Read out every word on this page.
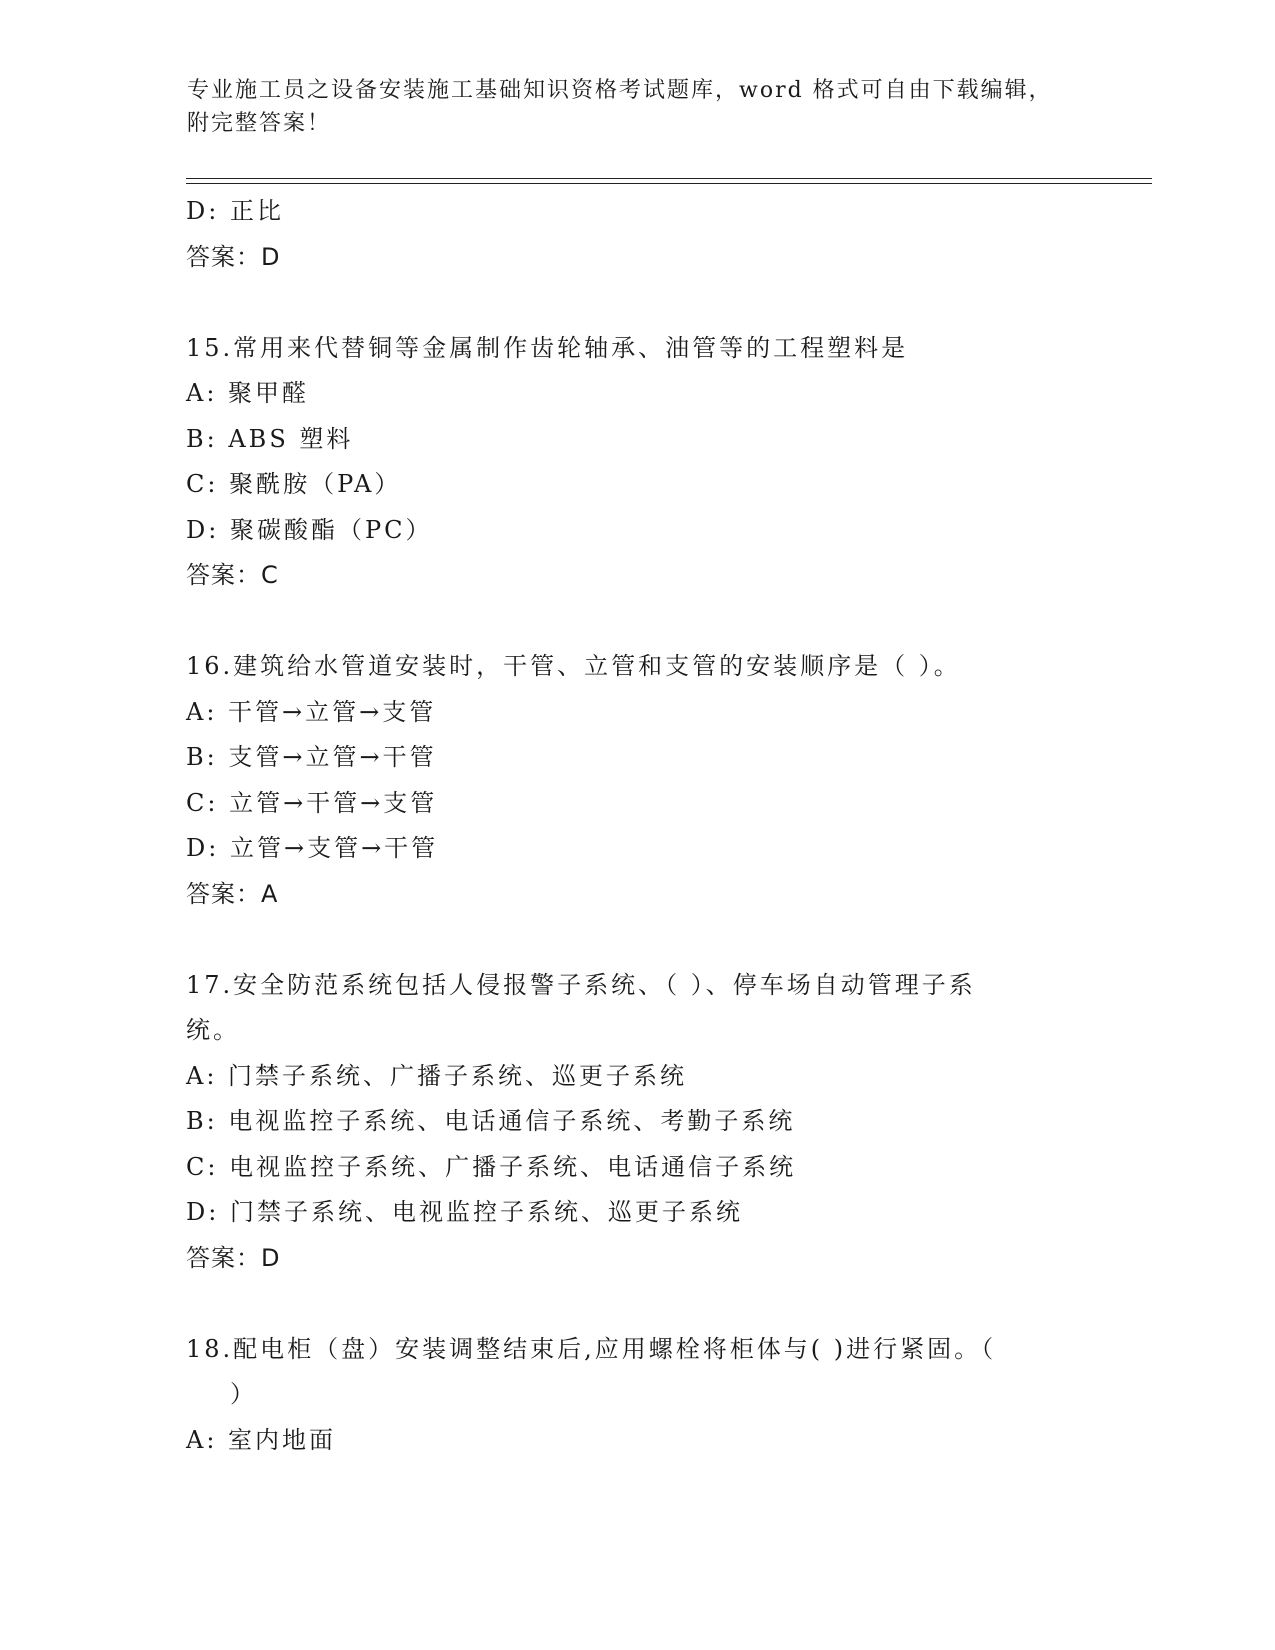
专业施工员之设备安装施工基础知识资格考试题库，word 格式可自由下载编辑，
附完整答案！
D: 正比
答案：D
15.常用来代替铜等金属制作齿轮轴承、油管等的工程塑料是
A: 聚甲醛
B: ABS 塑料
C: 聚酰胺（PA）
D: 聚碳酸酯（PC）
答案：C
16.建筑给水管道安装时，干管、立管和支管的安装顺序是（ ）。
A: 干管→立管→支管
B: 支管→立管→干管
C: 立管→干管→支管
D: 立管→支管→干管
答案：A
17.安全防范系统包括人侵报警子系统、（ ）、停车场自动管理子系
统。
A: 门禁子系统、广播子系统、巡更子系统
B: 电视监控子系统、电话通信子系统、考勤子系统
C: 电视监控子系统、广播子系统、电话通信子系统
D: 门禁子系统、电视监控子系统、巡更子系统
答案：D
18.配电柜（盘）安装调整结束后,应用螺栓将柜体与( )进行紧固。（
）
A: 室内地面
